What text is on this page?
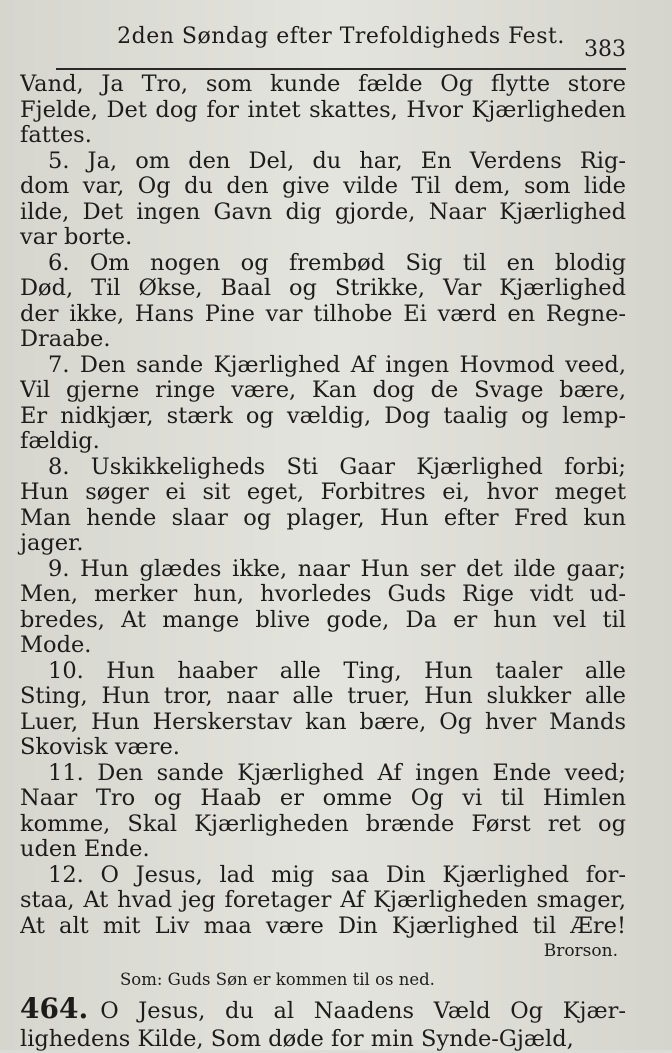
2den Søndag efter Trefoldigheds Fest.
383
Vand, Ja Tro, som kunde fælde Og flytte store
Fjelde, Det dog for intet skattes, Hvor Kjærligheden
fattes.
5. Ja, om den Del, du har, En Verdens Rig-
dom var, Og du den give vilde Til dem, som lide
ilde, Det ingen Gavn dig gjorde, Naar Kjærlighed
var borte.
6. Om nogen og frembød Sig til en blodig
Død, Til Økse, Baal og Strikke, Var Kjærlighed
der ikke, Hans Pine var tilhobe Ei værd en Regne-
Draabe.
7. Den sande Kjærlighed Af ingen Hovmod veed,
Vil gjerne ringe være, Kan dog de Svage bære,
Er nidkjær, stærk og vældig, Dog taalig og lemp-
fældig.
8. Uskikkeligheds Sti Gaar Kjærlighed forbi;
Hun søger ei sit eget, Forbitres ei, hvor meget
Man hende slaar og plager, Hun efter Fred kun
jager.
9. Hun glædes ikke, naar Hun ser det ilde gaar;
Men, merker hun, hvorledes Guds Rige vidt ud-
bredes, At mange blive gode, Da er hun vel til
Mode.
10. Hun haaber alle Ting, Hun taaler alle
Sting, Hun tror, naar alle truer, Hun slukker alle
Luer, Hun Herskerstav kan bære, Og hver Mands
Skovisk være.
11. Den sande Kjærlighed Af ingen Ende veed;
Naar Tro og Haab er omme Og vi til Himlen
komme, Skal Kjærligheden brænde Først ret og
uden Ende.
12. O Jesus, lad mig saa Din Kjærlighed for-
staa, At hvad jeg foretager Af Kjærligheden smager,
At alt mit Liv maa være Din Kjærlighed til Ære!
Brorson.
Som: Guds Søn er kommen til os ned.
464. O Jesus, du al Naadens Væld Og Kjær-
lighedens Kilde, Som døde for min Synde-Gjæld,
